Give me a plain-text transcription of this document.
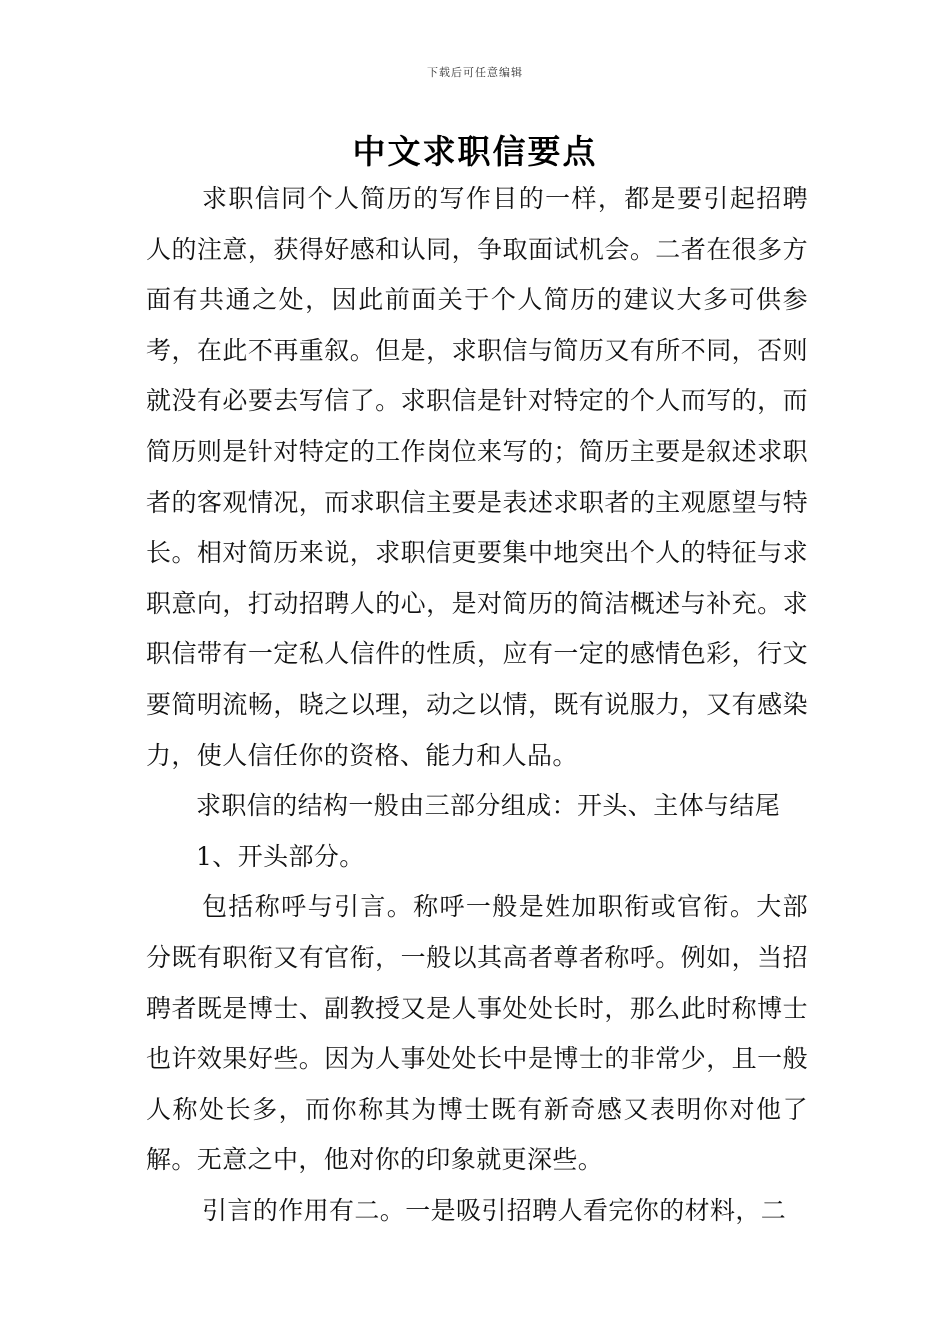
下载后可任意编辑
中文求职信要点

求职信同个人简历的写作目的一样，都是要引起招聘人的注意，获得好感和认同，争取面试机会。二者在很多方面有共通之处，因此前面关于个人简历的建议大多可供参考，在此不再重叙。但是，求职信与简历又有所不同，否则就没有必要去写信了。求职信是针对特定的个人而写的，而简历则是针对特定的工作岗位来写的；简历主要是叙述求职者的客观情况，而求职信主要是表述求职者的主观愿望与特长。相对简历来说，求职信更要集中地突出个人的特征与求职意向，打动招聘人的心，是对简历的简洁概述与补充。求职信带有一定私人信件的性质，应有一定的感情色彩，行文要简明流畅，晓之以理，动之以情，既有说服力，又有感染力，使人信任你的资格、能力和人品。

求职信的结构一般由三部分组成：开头、主体与结尾

1、开头部分。

包括称呼与引言。称呼一般是姓加职衔或官衔。大部分既有职衔又有官衔，一般以其高者尊者称呼。例如，当招聘者既是博士、副教授又是人事处处长时，那么此时称博士也许效果好些。因为人事处处长中是博士的非常少，且一般人称处长多，而你称其为博士既有新奇感又表明你对他了解。无意之中，他对你的印象就更深些。

引言的作用有二。一是吸引招聘人看完你的材料，二
